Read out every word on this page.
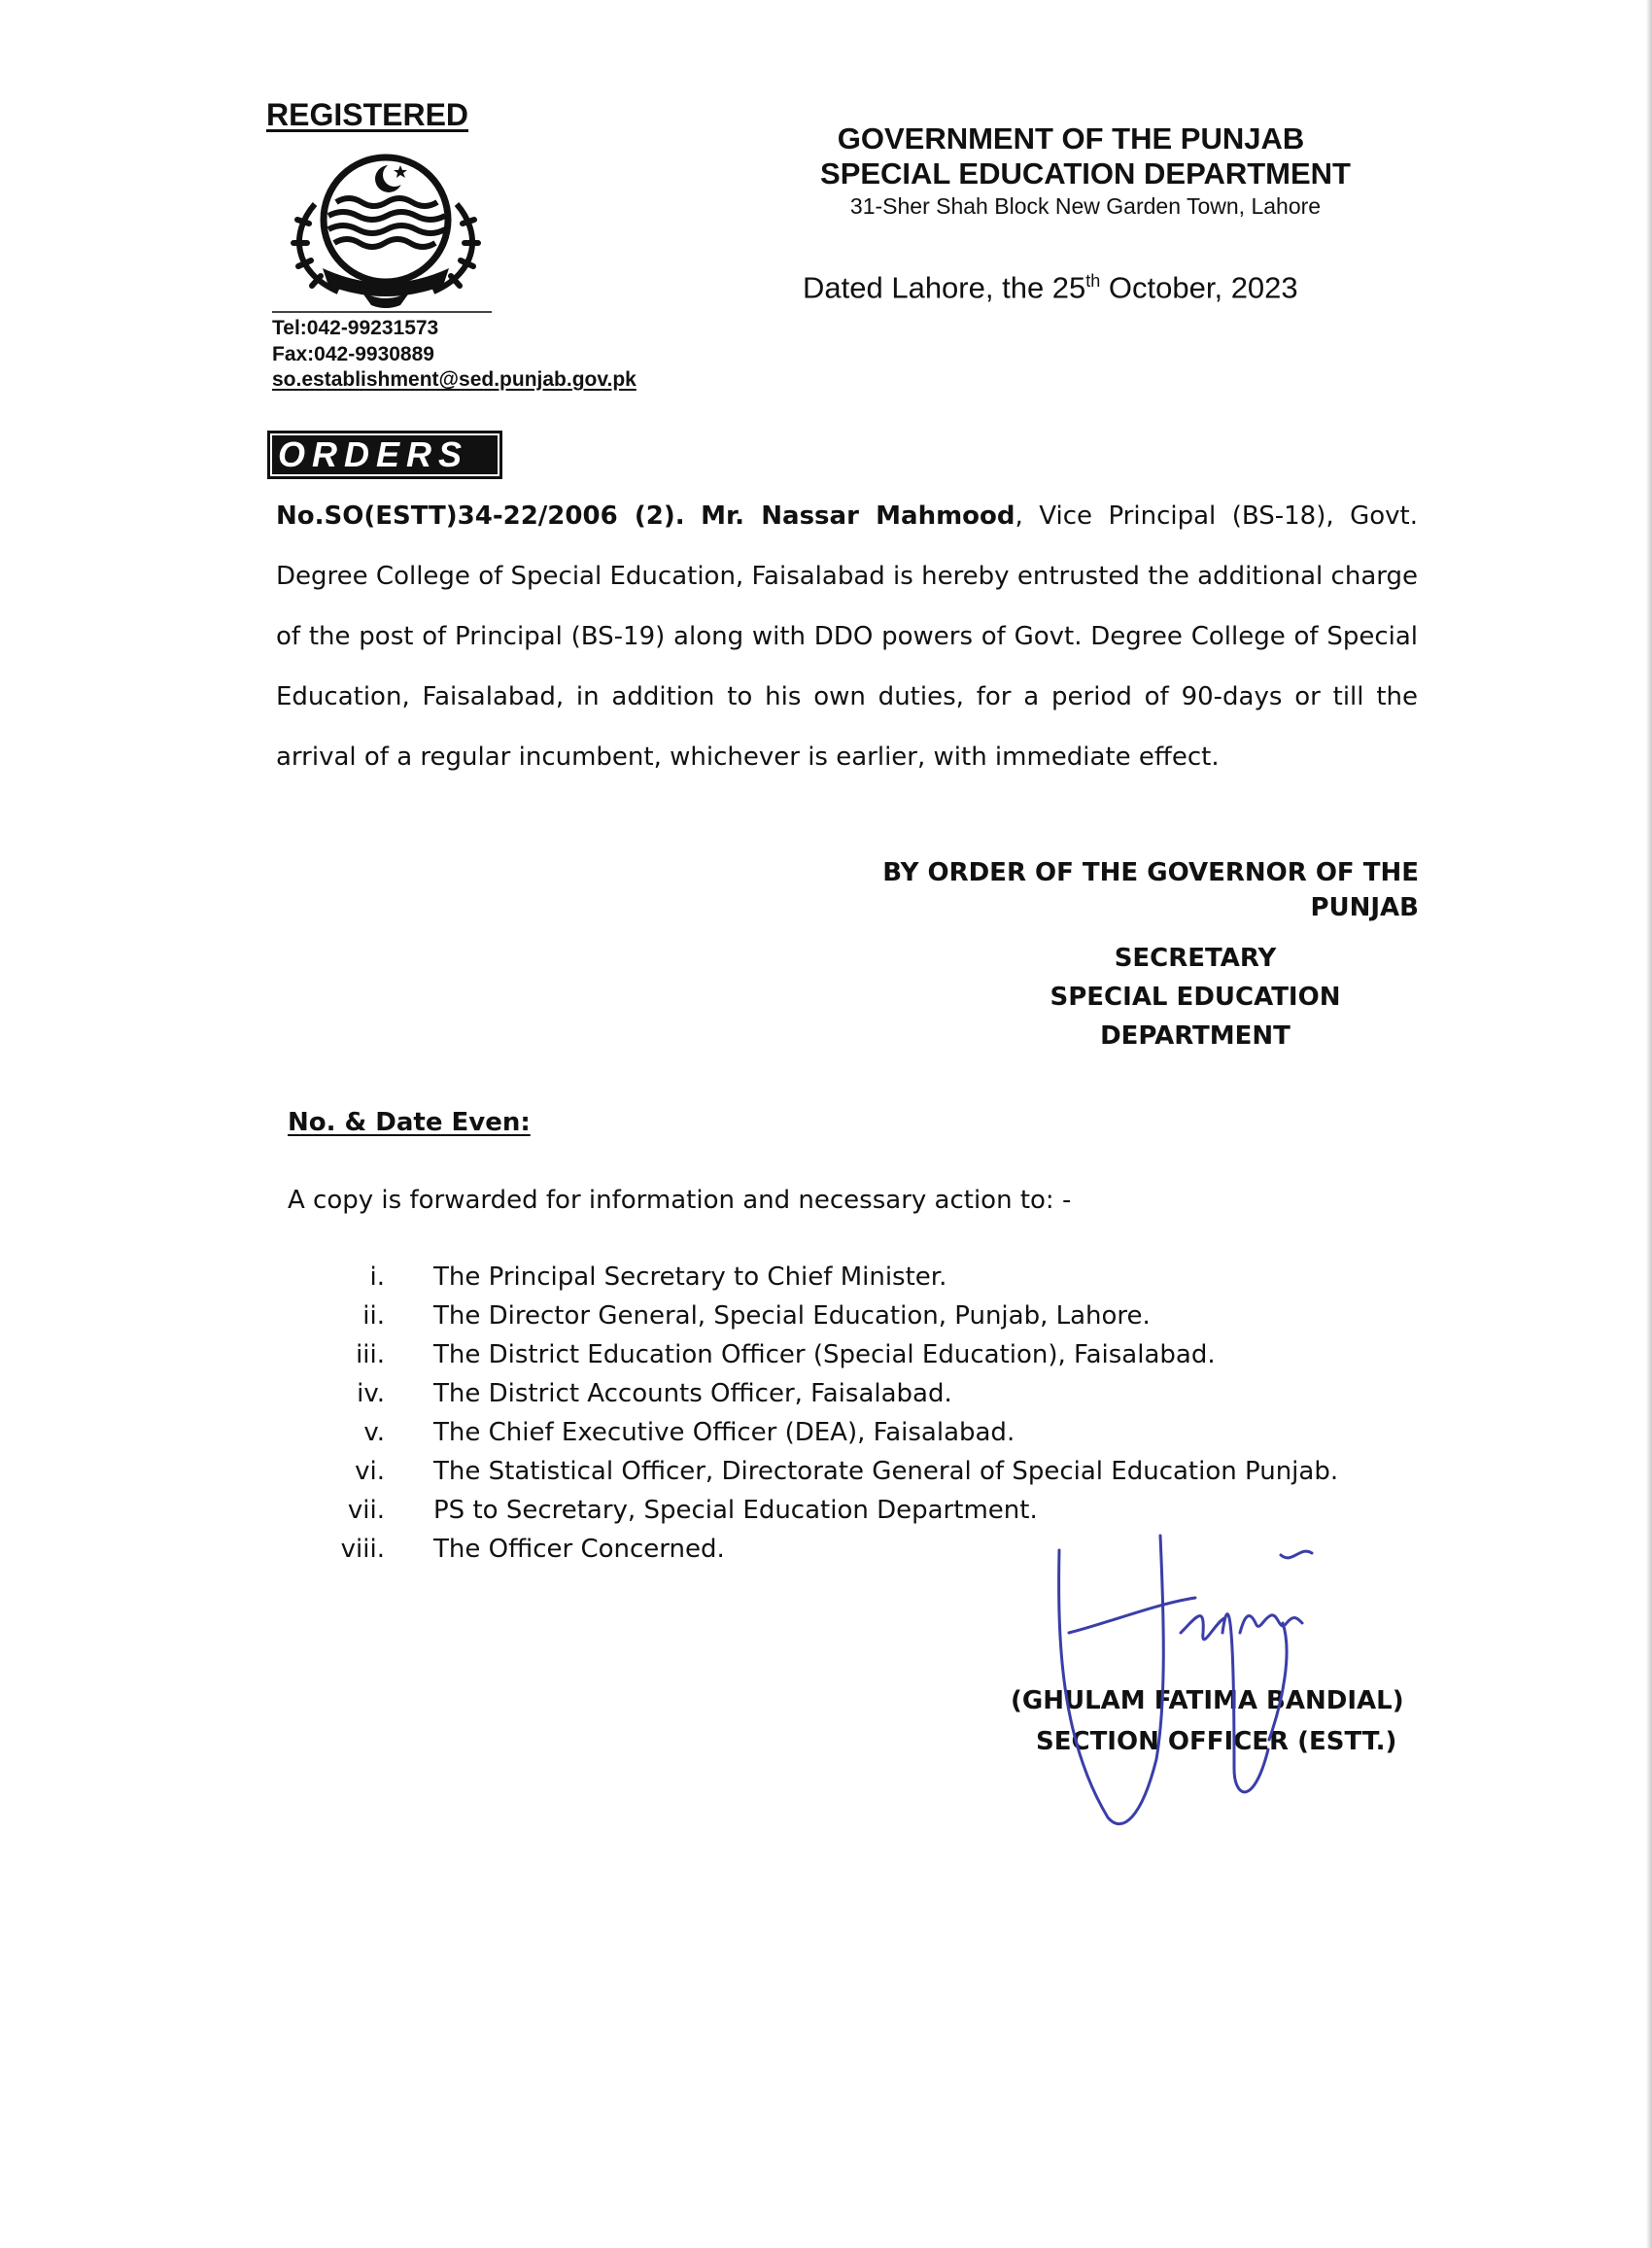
REGISTERED
Tel:042-99231573
Fax:042-9930889
so.establishment@sed.punjab.gov.pk
GOVERNMENT OF THE PUNJAB
SPECIAL EDUCATION DEPARTMENT
31-Sher Shah Block New Garden Town, Lahore
Dated Lahore, the 25th October, 2023
ORDERS
No.SO(ESTT)34-22/2006 (2). Mr. Nassar Mahmood, Vice Principal (BS-18), Govt. Degree College of Special Education, Faisalabad is hereby entrusted the additional charge of the post of Principal (BS-19) along with DDO powers of Govt. Degree College of Special Education, Faisalabad, in addition to his own duties, for a period of 90-days or till the arrival of a regular incumbent, whichever is earlier, with immediate effect.
BY ORDER OF THE GOVERNOR OF THE PUNJAB
SECRETARY
SPECIAL EDUCATION
DEPARTMENT
No. & Date Even:
A copy is forwarded for information and necessary action to: -
i.	The Principal Secretary to Chief Minister.
ii.	The Director General, Special Education, Punjab, Lahore.
iii.	The District Education Officer (Special Education), Faisalabad.
iv.	The District Accounts Officer, Faisalabad.
v.	The Chief Executive Officer (DEA), Faisalabad.
vi.	The Statistical Officer, Directorate General of Special Education Punjab.
vii.	PS to Secretary, Special Education Department.
viii.	The Officer Concerned.
(GHULAM FATIMA BANDIAL)
SECTION OFFICER (ESTT.)
